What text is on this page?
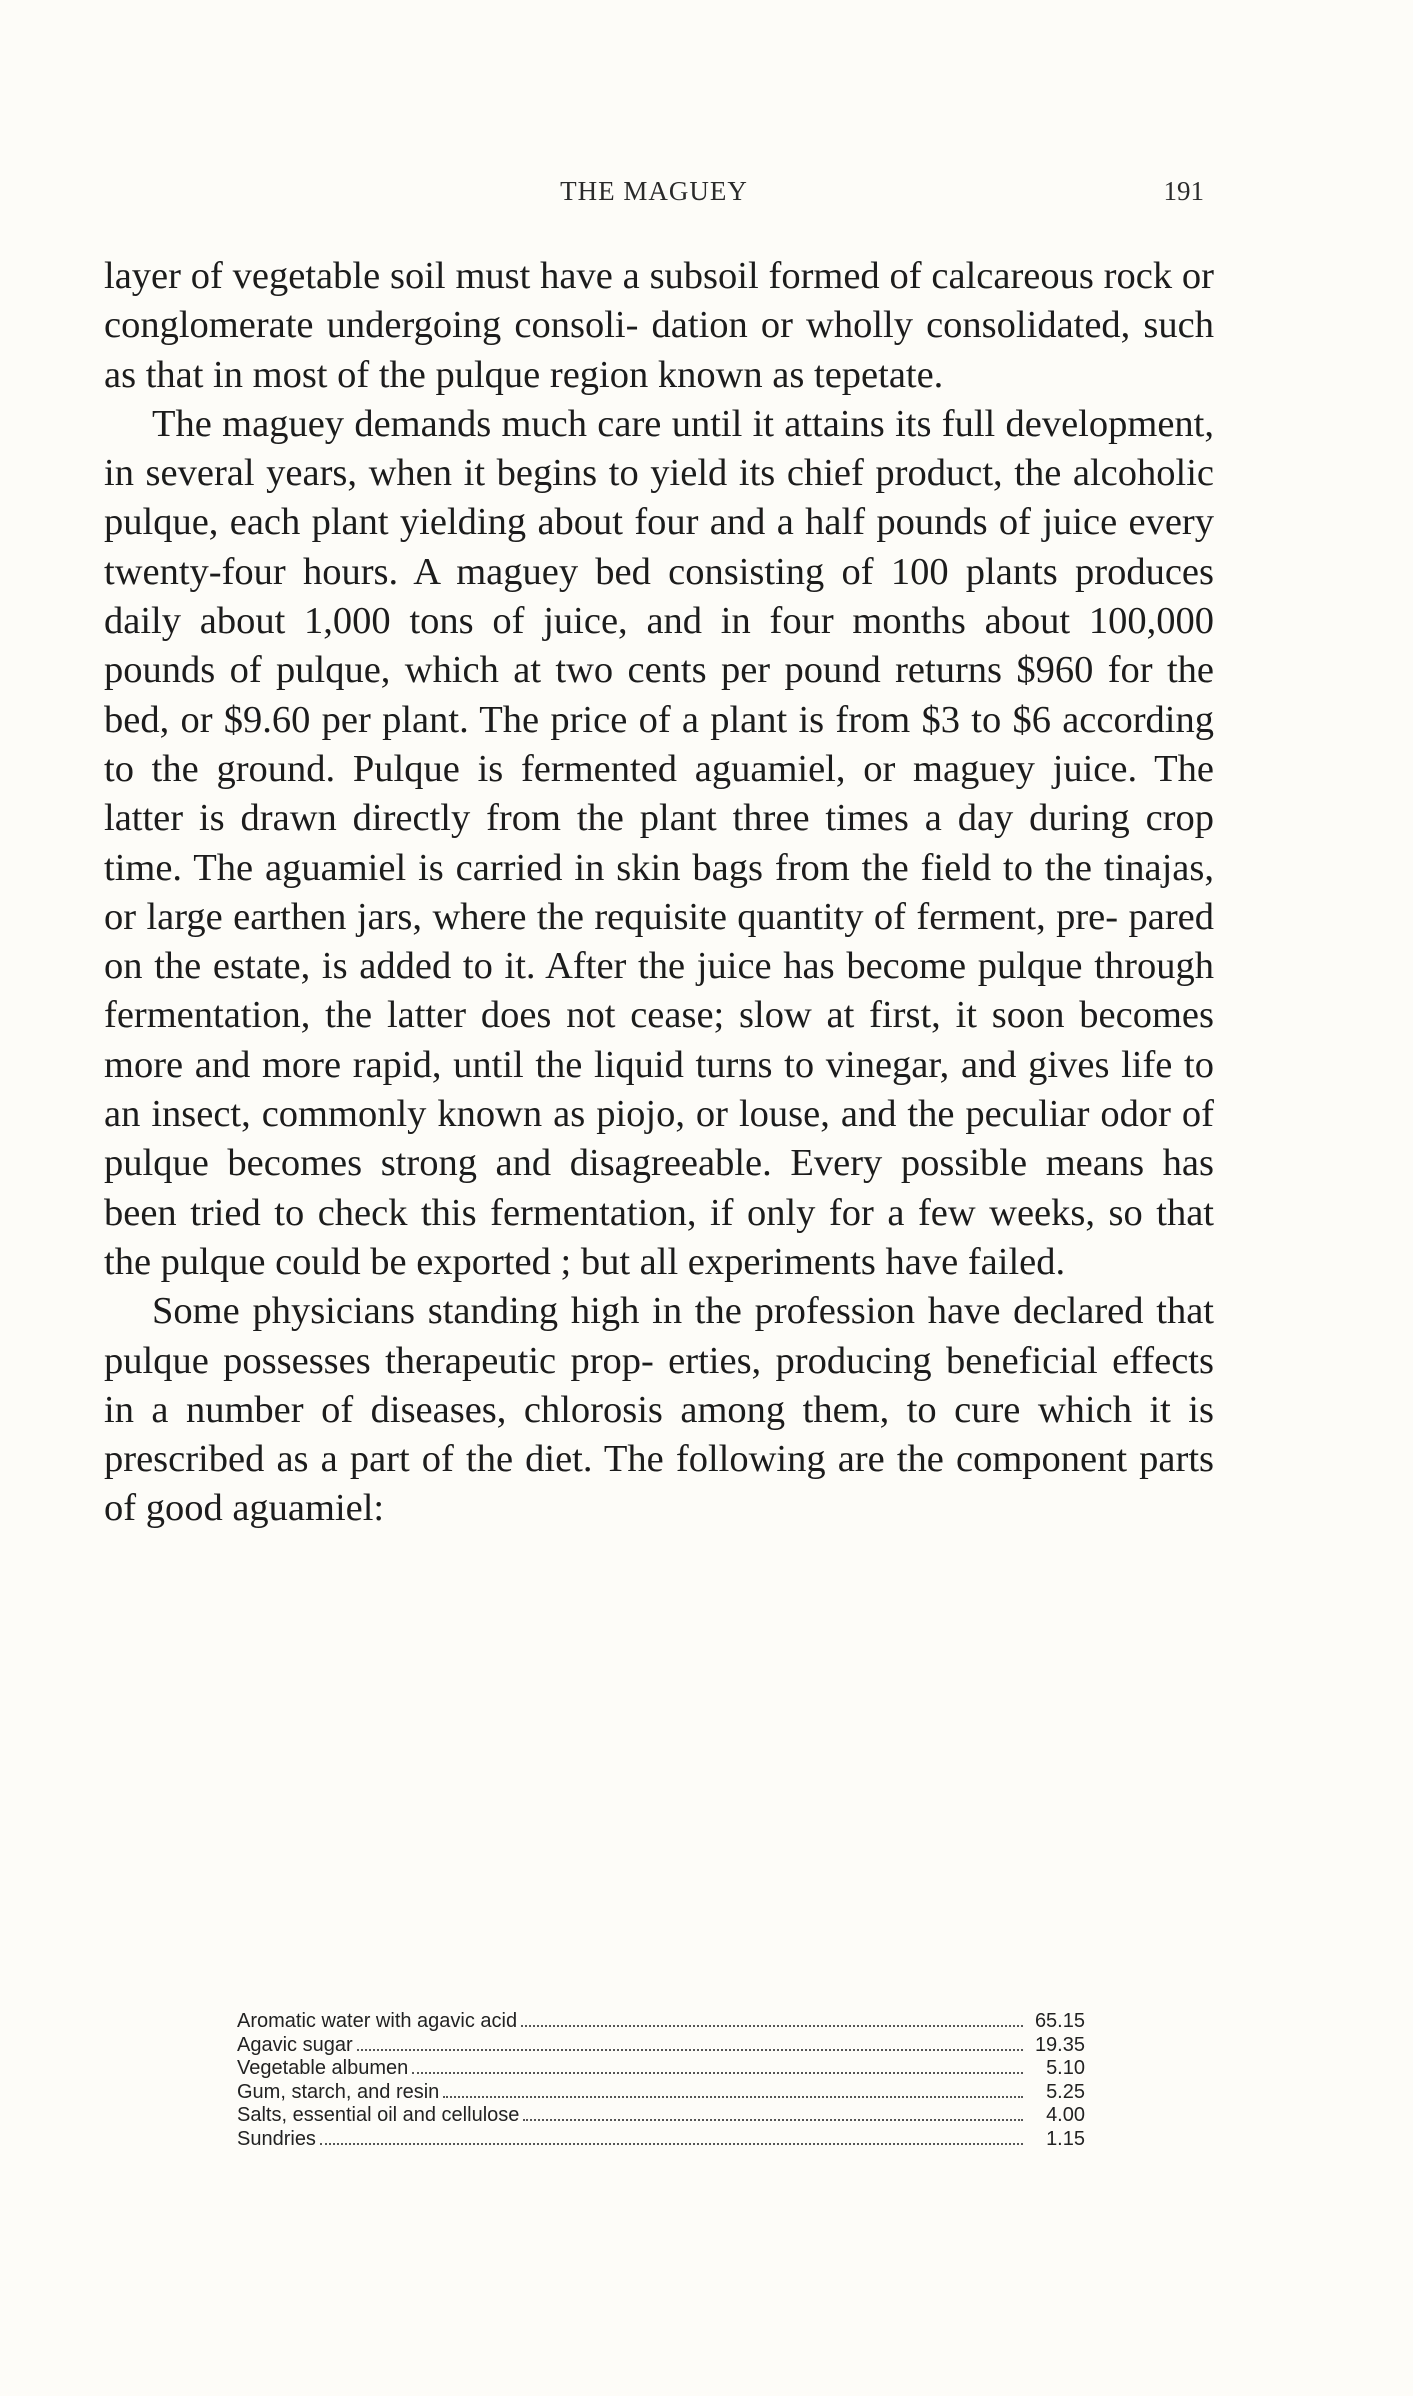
THE MAGUEY	191

layer of vegetable soil must have a subsoil formed of calcareous rock or conglomerate undergoing consoli- dation or wholly consolidated, such as that in most of the pulque region known as tepetate.

The maguey demands much care until it attains its full development, in several years, when it begins to yield its chief product, the alcoholic pulque, each plant yielding about four and a half pounds of juice every twenty-four hours. A maguey bed consisting of 100 plants produces daily about 1,000 tons of juice, and in four months about 100,000 pounds of pulque, which at two cents per pound returns $960 for the bed, or $9.60 per plant. The price of a plant is from $3 to $6 according to the ground. Pulque is fermented aguamiel, or maguey juice. The latter is drawn directly from the plant three times a day during crop time. The aguamiel is carried in skin bags from the field to the tinajas, or large earthen jars, where the requisite quantity of ferment, pre- pared on the estate, is added to it. After the juice has become pulque through fermentation, the latter does not cease; slow at first, it soon becomes more and more rapid, until the liquid turns to vinegar, and gives life to an insect, commonly known as piojo, or louse, and the peculiar odor of pulque becomes strong and disagreeable. Every possible means has been tried to check this fermentation, if only for a few weeks, so that the pulque could be exported ; but all experiments have failed.

Some physicians standing high in the profession have declared that pulque possesses therapeutic prop- erties, producing beneficial effects in a number of diseases, chlorosis among them, to cure which it is prescribed as a part of the diet. The following are the component parts of good aguamiel:

Aromatic water with agavic acid	65.15
Agavic sugar	19.35
Vegetable albumen	5.10
Gum, starch, and resin	5.25
Salts, essential oil and cellulose	4.00
Sundries	1.15
